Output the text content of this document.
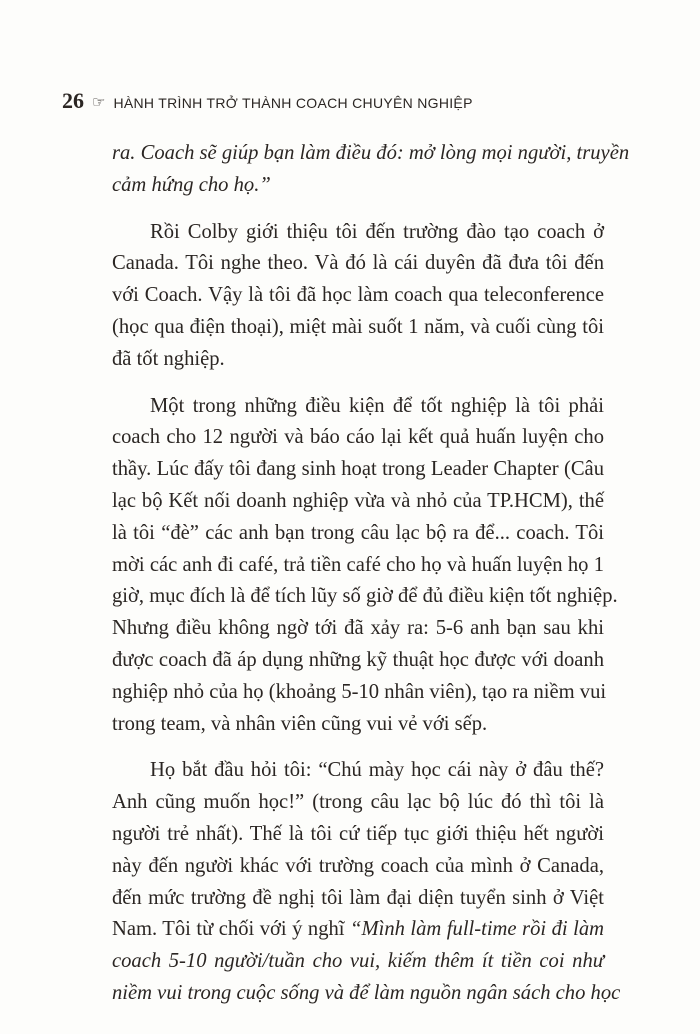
26 ☞ HÀNH TRÌNH TRỞ THÀNH COACH CHUYÊN NGHIỆP
ra. Coach sẽ giúp bạn làm điều đó: mở lòng mọi người, truyền
cảm hứng cho họ.”
Rồi Colby giới thiệu tôi đến trường đào tạo coach ở
Canada. Tôi nghe theo. Và đó là cái duyên đã đưa tôi đến
với Coach. Vậy là tôi đã học làm coach qua teleconference
(học qua điện thoại), miệt mài suốt 1 năm, và cuối cùng tôi
đã tốt nghiệp.
Một trong những điều kiện để tốt nghiệp là tôi phải
coach cho 12 người và báo cáo lại kết quả huấn luyện cho
thầy. Lúc đấy tôi đang sinh hoạt trong Leader Chapter (Câu
lạc bộ Kết nối doanh nghiệp vừa và nhỏ của TP.HCM), thế
là tôi “đè” các anh bạn trong câu lạc bộ ra để... coach. Tôi
mời các anh đi café, trả tiền café cho họ và huấn luyện họ 1
giờ, mục đích là để tích lũy số giờ để đủ điều kiện tốt nghiệp.
Nhưng điều không ngờ tới đã xảy ra: 5-6 anh bạn sau khi
được coach đã áp dụng những kỹ thuật học được với doanh
nghiệp nhỏ của họ (khoảng 5-10 nhân viên), tạo ra niềm vui
trong team, và nhân viên cũng vui vẻ với sếp.
Họ bắt đầu hỏi tôi: “Chú mày học cái này ở đâu thế?
Anh cũng muốn học!” (trong câu lạc bộ lúc đó thì tôi là
người trẻ nhất). Thế là tôi cứ tiếp tục giới thiệu hết người
này đến người khác với trường coach của mình ở Canada,
đến mức trường đề nghị tôi làm đại diện tuyển sinh ở Việt
Nam. Tôi từ chối với ý nghĩ “Mình làm full-time rồi đi làm
coach 5-10 người/tuần cho vui, kiếm thêm ít tiền coi như
niềm vui trong cuộc sống và để làm nguồn ngân sách cho học
